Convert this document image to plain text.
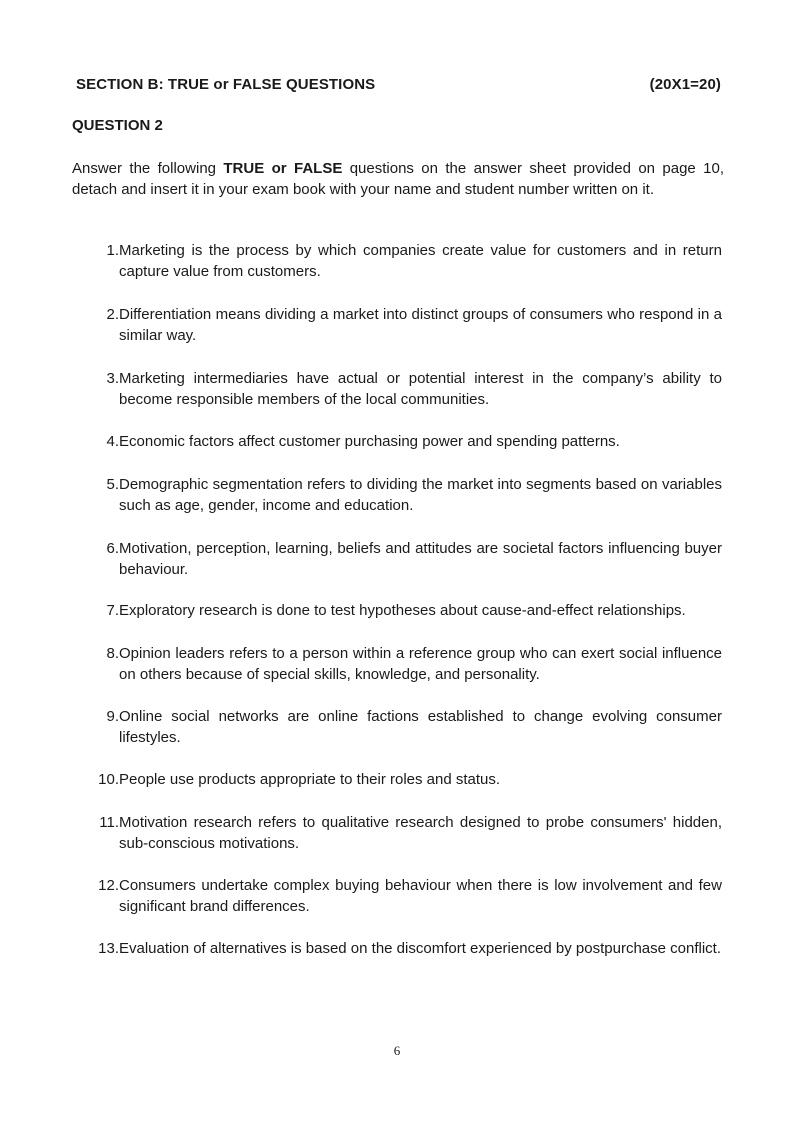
SECTION B: TRUE or FALSE QUESTIONS	(20X1=20)
QUESTION 2
Answer the following TRUE or FALSE questions on the answer sheet provided on page 10, detach and insert it in your exam book with your name and student number written on it.
1. Marketing is the process by which companies create value for customers and in return capture value from customers.
2. Differentiation means dividing a market into distinct groups of consumers who respond in a similar way.
3. Marketing intermediaries have actual or potential interest in the company’s ability to become responsible members of the local communities.
4. Economic factors affect customer purchasing power and spending patterns.
5. Demographic segmentation refers to dividing the market into segments based on variables such as age, gender, income and education.
6. Motivation, perception, learning, beliefs and attitudes are societal factors influencing buyer behaviour.
7. Exploratory research is done to test hypotheses about cause-and-effect relationships.
8. Opinion leaders refers to a person within a reference group who can exert social influence on others because of special skills, knowledge, and personality.
9. Online social networks are online factions established to change evolving consumer lifestyles.
10. People use products appropriate to their roles and status.
11. Motivation research refers to qualitative research designed to probe consumers' hidden, sub-conscious motivations.
12. Consumers undertake complex buying behaviour when there is low involvement and few significant brand differences.
13. Evaluation of alternatives is based on the discomfort experienced by postpurchase conflict.
6
